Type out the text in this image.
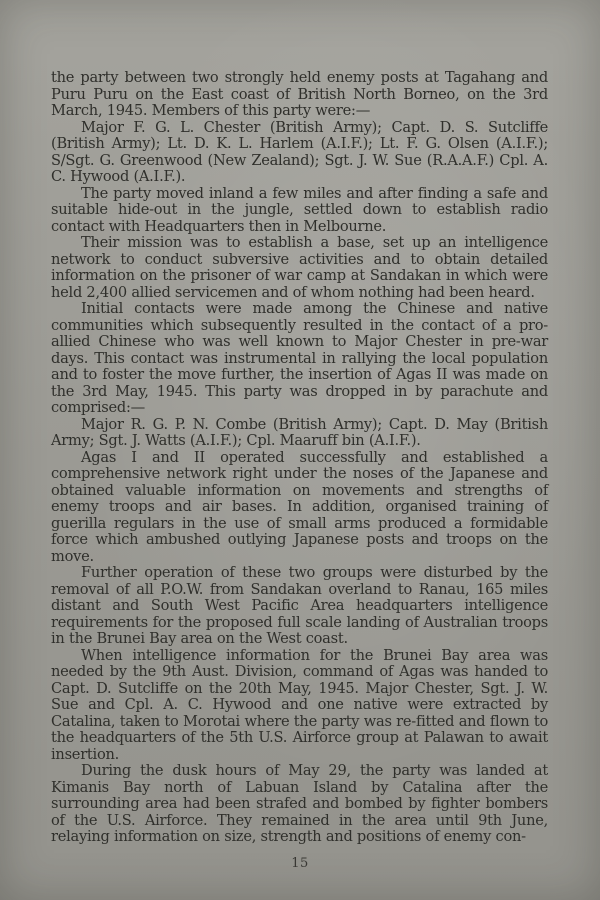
the party between two strongly held enemy posts at Tagahang and Puru Puru on the East coast of British North Borneo, on the 3rd March, 1945. Members of this party were:—

Major F. G. L. Chester (British Army); Capt. D. S. Sutcliffe (British Army); Lt. D. K. L. Harlem (A.I.F.); Lt. F. G. Olsen (A.I.F.); S/Sgt. G. Greenwood (New Zealand); Sgt. J. W. Sue (R.A.A.F.) Cpl. A. C. Hywood (A.I.F.).

The party moved inland a few miles and after finding a safe and suitable hide-out in the jungle, settled down to establish radio contact with Headquarters then in Melbourne.

Their mission was to establish a base, set up an intelligence network to conduct subversive activities and to obtain detailed information on the prisoner of war camp at Sandakan in which were held 2,400 allied servicemen and of whom nothing had been heard.

Initial contacts were made among the Chinese and native communities which subsequently resulted in the contact of a pro-allied Chinese who was well known to Major Chester in pre-war days. This contact was instrumental in rallying the local population and to foster the move further, the insertion of Agas II was made on the 3rd May, 1945. This party was dropped in by parachute and comprised:—

Major R. G. P. N. Combe (British Army); Capt. D. May (British Army; Sgt. J. Watts (A.I.F.); Cpl. Maaruff bin (A.I.F.).

Agas I and II operated successfully and established a comprehensive network right under the noses of the Japanese and obtained valuable information on movements and strengths of enemy troops and air bases. In addition, organised training of guerilla regulars in the use of small arms produced a formidable force which ambushed outlying Japanese posts and troops on the move.

Further operation of these two groups were disturbed by the removal of all P.O.W. from Sandakan overland to Ranau, 165 miles distant and South West Pacific Area headquarters intelligence requirements for the proposed full scale landing of Australian troops in the Brunei Bay area on the West coast.

When intelligence information for the Brunei Bay area was needed by the 9th Aust. Division, command of Agas was handed to Capt. D. Sutcliffe on the 20th May, 1945. Major Chester, Sgt. J. W. Sue and Cpl. A. C. Hywood and one native were extracted by Catalina, taken to Morotai where the party was re-fitted and flown to the headquarters of the 5th U.S. Airforce group at Palawan to await insertion.

During the dusk hours of May 29, the party was landed at Kimanis Bay north of Labuan Island by Catalina after the surrounding area had been strafed and bombed by fighter bombers of the U.S. Airforce. They remained in the area until 9th June, relaying information on size, strength and positions of enemy con-

15
